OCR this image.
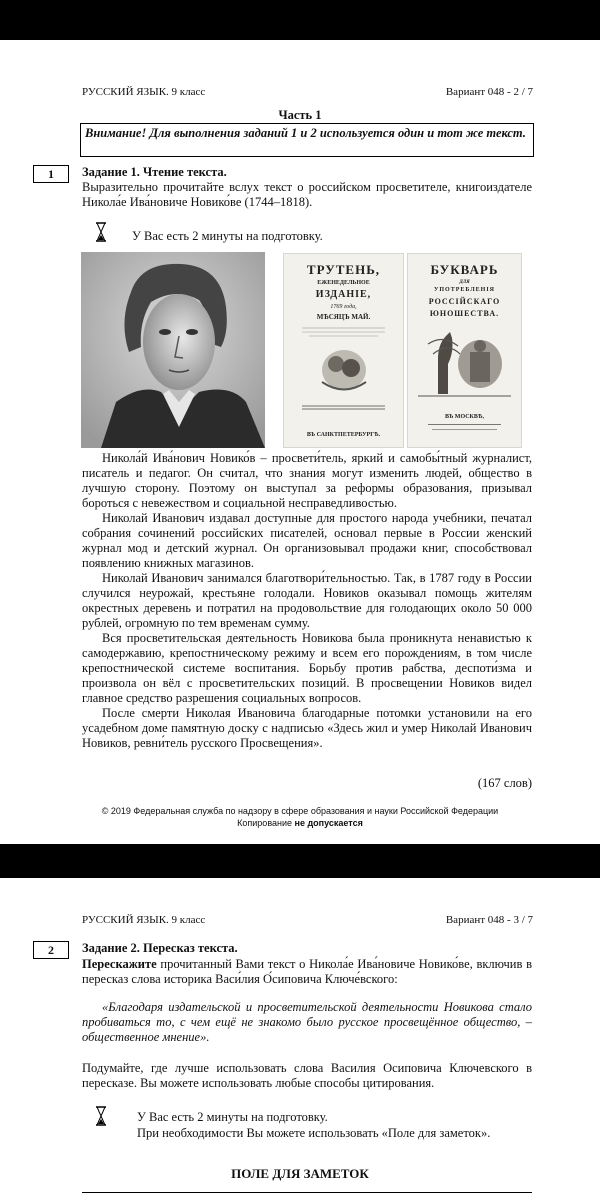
РУССКИЙ ЯЗЫК. 9 класс	Вариант 048 - 2 / 7
Часть 1
Внимание! Для выполнения заданий 1 и 2 используется один и тот же текст.
1	Задание 1. Чтение текста.
Выразительно прочитайте вслух текст о российском просветителе, книгоиздателе Никола́е Ива́новиче Новико́ве (1744–1818).
У Вас есть 2 минуты на подготовку.
ТРУТЕНЬ,
ЕЖЕНЕДЕЛЬНОЕ
ИЗДАНІЕ,
1769 года,
МѢСЯЦЪ МАЙ.
ВЪ САНКТПЕТЕРБУРГѢ.
БУКВАРЬ
ДЛЯ
УПОТРЕБЛЕНІЯ
РОССІЙСКАГО
ЮНОШЕСТВА.
ВЪ МОСКВѢ,

Никола́й Ива́нович Новико́в – просвети́тель, яркий и самобы́тный журналист, писатель и педагог. Он считал, что знания могут изменить людей, общество в лучшую сторону. Поэтому он выступал за реформы образования, призывал бороться с невежеством и социальной несправедливостью.

Николай Иванович издавал доступные для простого народа учебники, печатал собрания сочинений российских писателей, основал первые в России женский журнал мод и детский журнал. Он организовывал продажи книг, способствовал появлению книжных магазинов.

Николай Иванович занимался благотвори́тельностью. Так, в 1787 году в России случился неурожай, крестьяне голодали. Новиков оказывал помощь жителям окрестных деревень и потратил на продовольствие для голодающих около 50 000 рублей, огромную по тем временам сумму.

Вся просветительская деятельность Новикова была проникнута ненавистью к самодержавию, крепостническому режиму и всем его порождениям, в том числе крепостнической системе воспитания. Борьбу против рабства, деспоти́зма и произвола он вёл с просветительских позиций. В просвещении Новиков видел главное средство разрешения социальных вопросов.

После смерти Николая Ивановича благодарные потомки установили на его усадебном доме памятную доску с надписью «Здесь жил и умер Николай Иванович Новиков, ревни́тель русского Просвещения».

(167 слов)
© 2019 Федеральная служба по надзору в сфере образования и науки Российской Федерации
Копирование не допускается
РУССКИЙ ЯЗЫК. 9 класс	Вариант 048 - 3 / 7
2	Задание 2. Пересказ текста.
Перескажите прочитанный Вами текст о Никола́е Ива́новиче Новико́ве, включив в пересказ слова историка Васи́лия О́сиповича Ключе́вского:
«Благодаря издательской и просветительской деятельности Новикова стало пробиваться то, с чем ещё не знакомо было русское просвещённое общество, – общественное мнение».
Подумайте, где лучше использовать слова Василия Осиповича Ключевского в пересказе. Вы можете использовать любые способы цитирования.
У Вас есть 2 минуты на подготовку.
При необходимости Вы можете использовать «Поле для заметок».
ПОЛЕ ДЛЯ ЗАМЕТОК
